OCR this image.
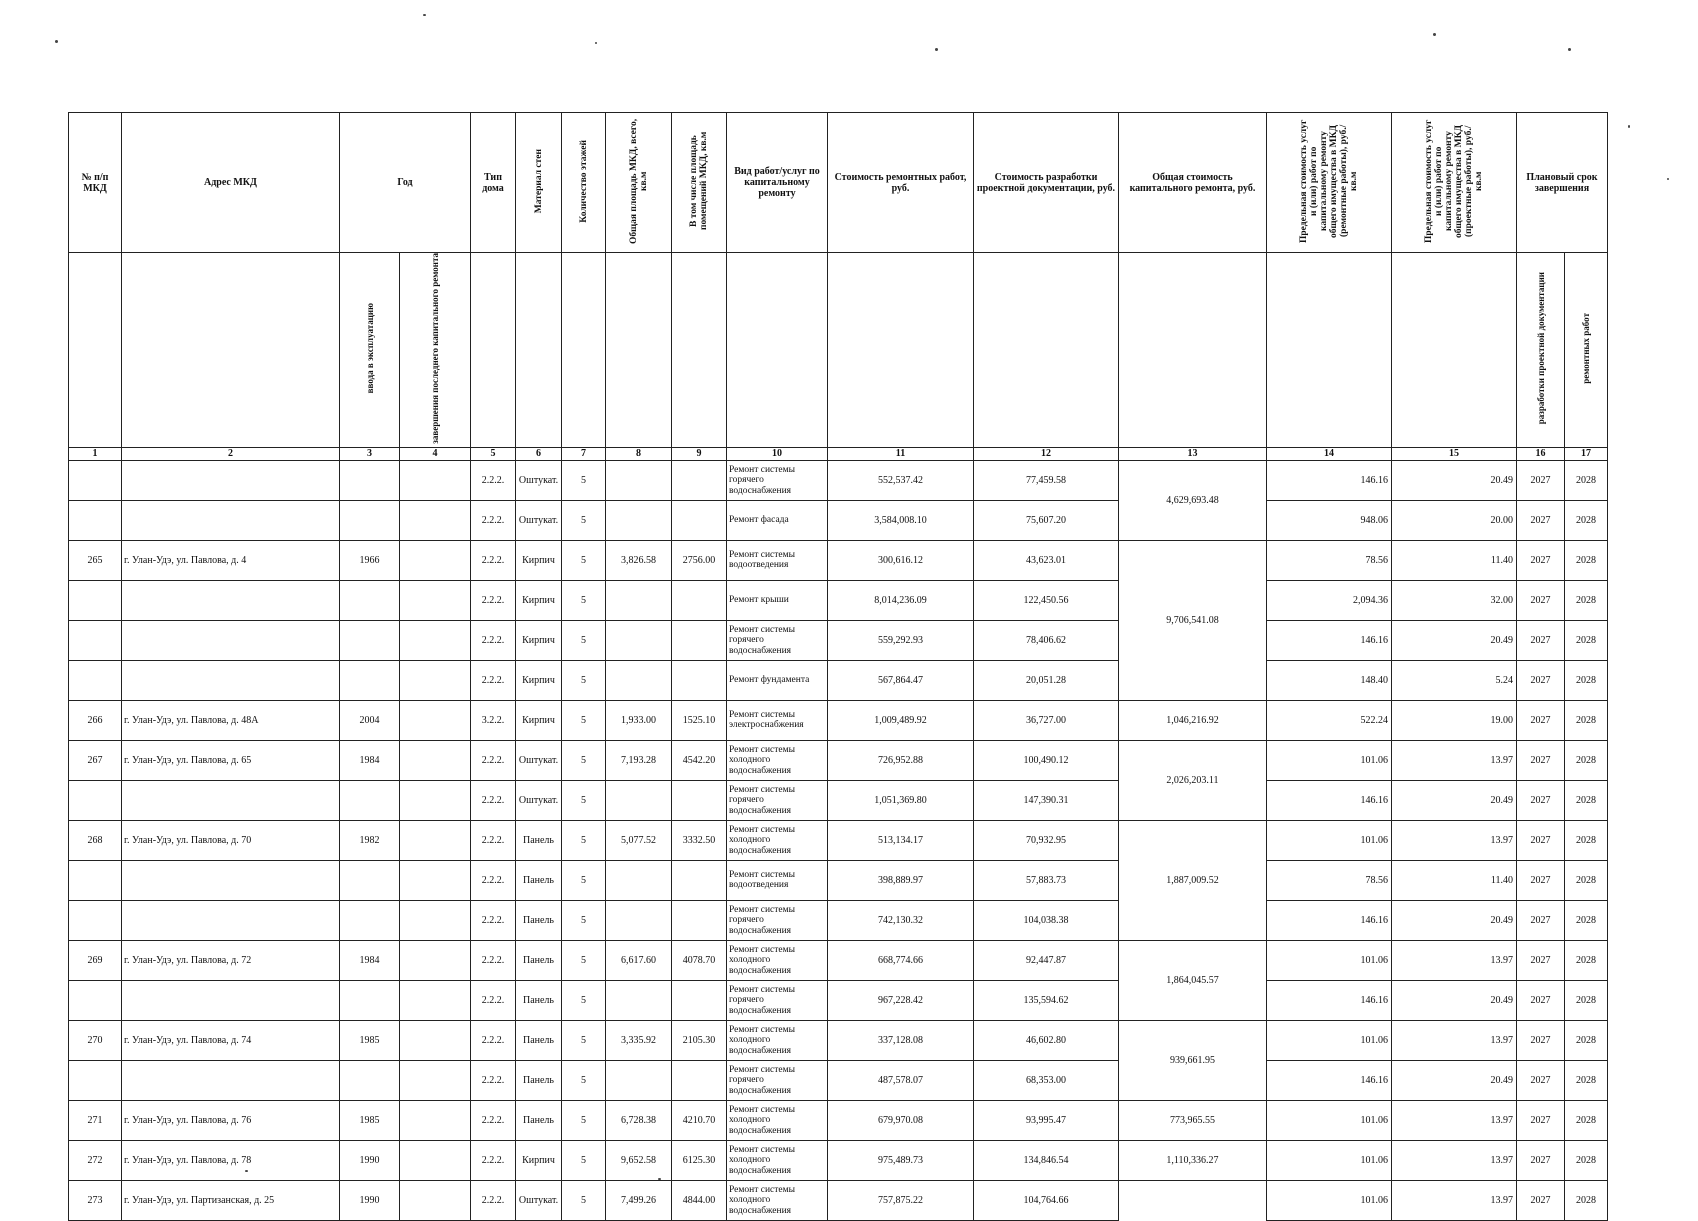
№ п/п МКД	Адрес МКД	Год		Тип дома	Материал стен	Количество этажей	Общая площадь МКД, всего, кв.м	В том числе площадь помещений МКД, кв.м	Вид работ/услуг по капитальному ремонту	Стоимость ремонтных работ, руб.	Стоимость разработки проектной документации, руб.	Общая стоимость капитального ремонта, руб.	Предельная стоимость услуг и (или) работ по капитальному ремонту общего имущества в МКД (ремонтные работы), руб./кв.м	Предельная стоимость услуг и (или) работ по капитальному ремонту общего имущества в МКД (проектные работы), руб./кв.м	Плановый срок завершения	
		ввода в эксплуатацию	завершения последнего капитального ремонта												разработки проектной документации	ремонтных работ
1	2	3	4	5	6	7	8	9	10	11	12	13	14	15	16	17
				2.2.2.	Оштукат.	5			Ремонт системы горячего водоснабжения	552,537.42	77,459.58	4,629,693.48	146.16	20.49	2027	2028
				2.2.2.	Оштукат.	5			Ремонт фасада	3,584,008.10	75,607.20		948.06	20.00	2027	2028
265	г. Улан-Удэ, ул. Павлова, д. 4	1966		2.2.2.	Кирпич	5	3,826.58	2756.00	Ремонт системы водоотведения	300,616.12	43,623.01	9,706,541.08	78.56	11.40	2027	2028
				2.2.2.	Кирпич	5			Ремонт крыши	8,014,236.09	122,450.56		2,094.36	32.00	2027	2028
				2.2.2.	Кирпич	5			Ремонт системы горячего водоснабжения	559,292.93	78,406.62		146.16	20.49	2027	2028
				2.2.2.	Кирпич	5			Ремонт фундамента	567,864.47	20,051.28		148.40	5.24	2027	2028
266	г. Улан-Удэ, ул. Павлова, д. 48А	2004		3.2.2.	Кирпич	5	1,933.00	1525.10	Ремонт системы электроснабжения	1,009,489.92	36,727.00	1,046,216.92	522.24	19.00	2027	2028
267	г. Улан-Удэ, ул. Павлова, д. 65	1984		2.2.2.	Оштукат.	5	7,193.28	4542.20	Ремонт системы холодного водоснабжения	726,952.88	100,490.12	2,026,203.11	101.06	13.97	2027	2028
				2.2.2.	Оштукат.	5			Ремонт системы горячего водоснабжения	1,051,369.80	147,390.31		146.16	20.49	2027	2028
268	г. Улан-Удэ, ул. Павлова, д. 70	1982		2.2.2.	Панель	5	5,077.52	3332.50	Ремонт системы холодного водоснабжения	513,134.17	70,932.95	1,887,009.52	101.06	13.97	2027	2028
				2.2.2.	Панель	5			Ремонт системы водоотведения	398,889.97	57,883.73		78.56	11.40	2027	2028
				2.2.2.	Панель	5			Ремонт системы горячего водоснабжения	742,130.32	104,038.38		146.16	20.49	2027	2028
269	г. Улан-Удэ, ул. Павлова, д. 72	1984		2.2.2.	Панель	5	6,617.60	4078.70	Ремонт системы холодного водоснабжения	668,774.66	92,447.87	1,864,045.57	101.06	13.97	2027	2028
				2.2.2.	Панель	5			Ремонт системы горячего водоснабжения	967,228.42	135,594.62		146.16	20.49	2027	2028
270	г. Улан-Удэ, ул. Павлова, д. 74	1985		2.2.2.	Панель	5	3,335.92	2105.30	Ремонт системы холодного водоснабжения	337,128.08	46,602.80	939,661.95	101.06	13.97	2027	2028
				2.2.2.	Панель	5			Ремонт системы горячего водоснабжения	487,578.07	68,353.00		146.16	20.49	2027	2028
271	г. Улан-Удэ, ул. Павлова, д. 76	1985		2.2.2.	Панель	5	6,728.38	4210.70	Ремонт системы холодного водоснабжения	679,970.08	93,995.47	773,965.55	101.06	13.97	2027	2028
272	г. Улан-Удэ, ул. Павлова, д. 78	1990		2.2.2.	Кирпич	5	9,652.58	6125.30	Ремонт системы холодного водоснабжения	975,489.73	134,846.54	1,110,336.27	101.06	13.97	2027	2028
273	г. Улан-Удэ, ул. Партизанская, д. 25	1990		2.2.2.	Оштукат.	5	7,499.26	4844.00	Ремонт системы холодного водоснабжения	757,875.22	104,764.66		101.06	13.97	2027	2028
